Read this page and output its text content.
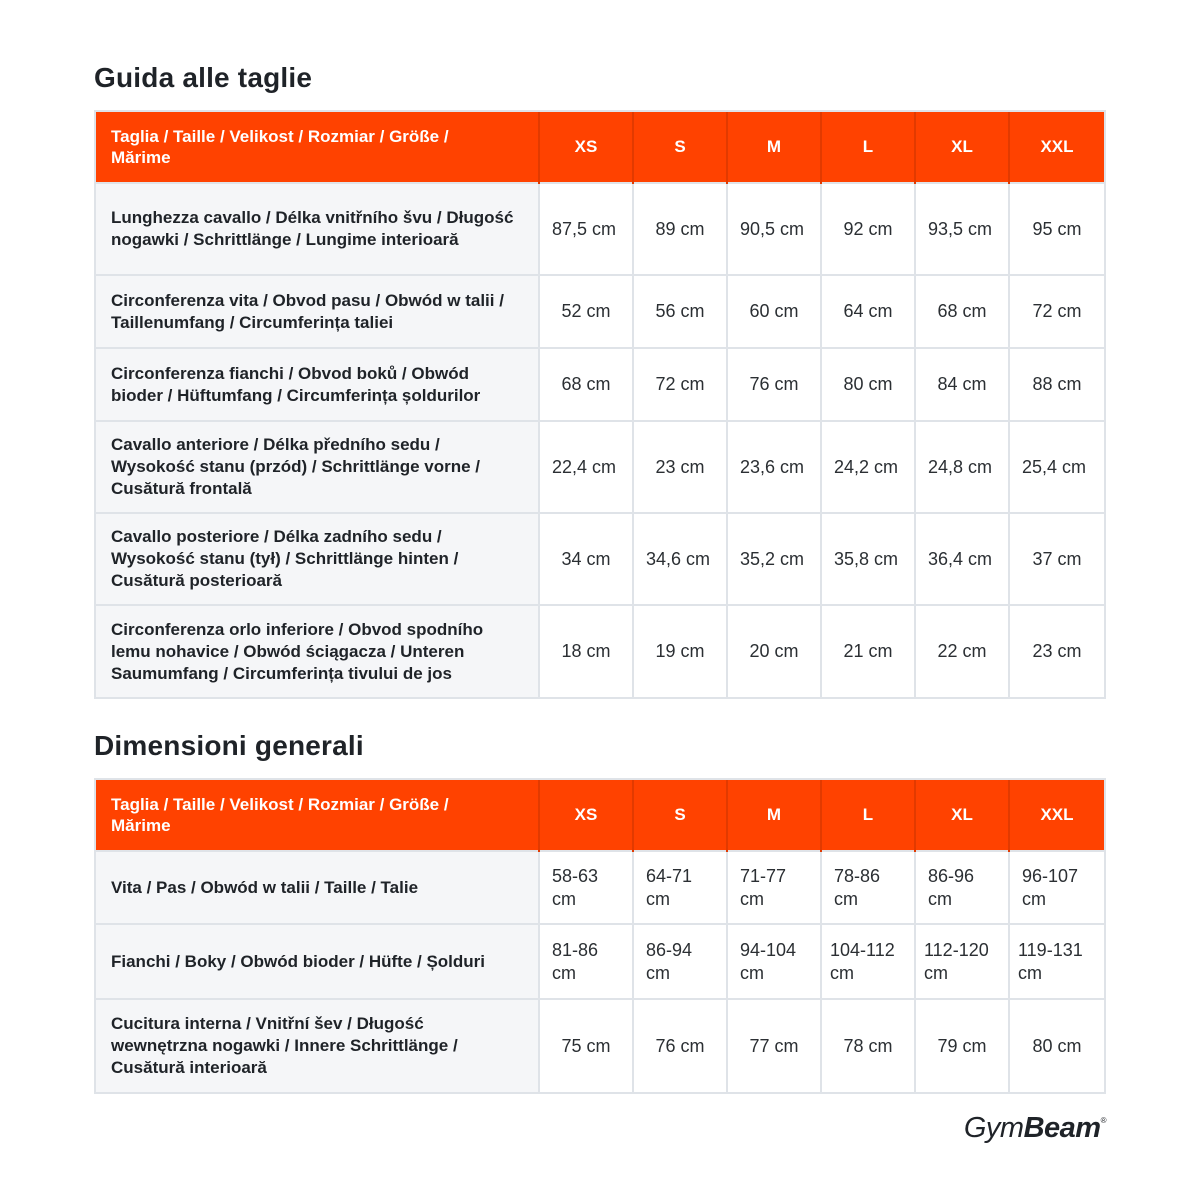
Guida alle taglie
Taglia / Taille / Velikost / Rozmiar / Größe / Mărime	XS	S	M	L	XL	XXL
Lunghezza cavallo / Délka vnitřního švu / Długość nogawki / Schrittlänge / Lungime interioară	87,5 cm	89 cm	90,5 cm	92 cm	93,5 cm	95 cm
Circonferenza vita / Obvod pasu / Obwód w talii / Taillenumfang / Circumferința taliei	52 cm	56 cm	60 cm	64 cm	68 cm	72 cm
Circonferenza fianchi / Obvod boků / Obwód bioder / Hüftumfang / Circumferința șoldurilor	68 cm	72 cm	76 cm	80 cm	84 cm	88 cm
Cavallo anteriore / Délka předního sedu / Wysokość stanu (przód) / Schrittlänge vorne / Cusătură frontală	22,4 cm	23 cm	23,6 cm	24,2 cm	24,8 cm	25,4 cm
Cavallo posteriore / Délka zadního sedu / Wysokość stanu (tył) / Schrittlänge hinten / Cusătură posterioară	34 cm	34,6 cm	35,2 cm	35,8 cm	36,4 cm	37 cm
Circonferenza orlo inferiore / Obvod spodního lemu nohavice / Obwód ściągacza / Unteren Saumumfang / Circumferința tivului de jos	18 cm	19 cm	20 cm	21 cm	22 cm	23 cm
Dimensioni generali
Taglia / Taille / Velikost / Rozmiar / Größe / Mărime	XS	S	M	L	XL	XXL
Vita / Pas / Obwód w talii / Taille / Talie	58-63 cm	64-71 cm	71-77 cm	78-86 cm	86-96 cm	96-107 cm
Fianchi / Boky / Obwód bioder / Hüfte / Șolduri	81-86 cm	86-94 cm	94-104 cm	104-112 cm	112-120 cm	119-131 cm
Cucitura interna / Vnitřní šev / Długość wewnętrzna nogawki / Innere Schrittlänge / Cusătură interioară	75 cm	76 cm	77 cm	78 cm	79 cm	80 cm
GymBeam®
